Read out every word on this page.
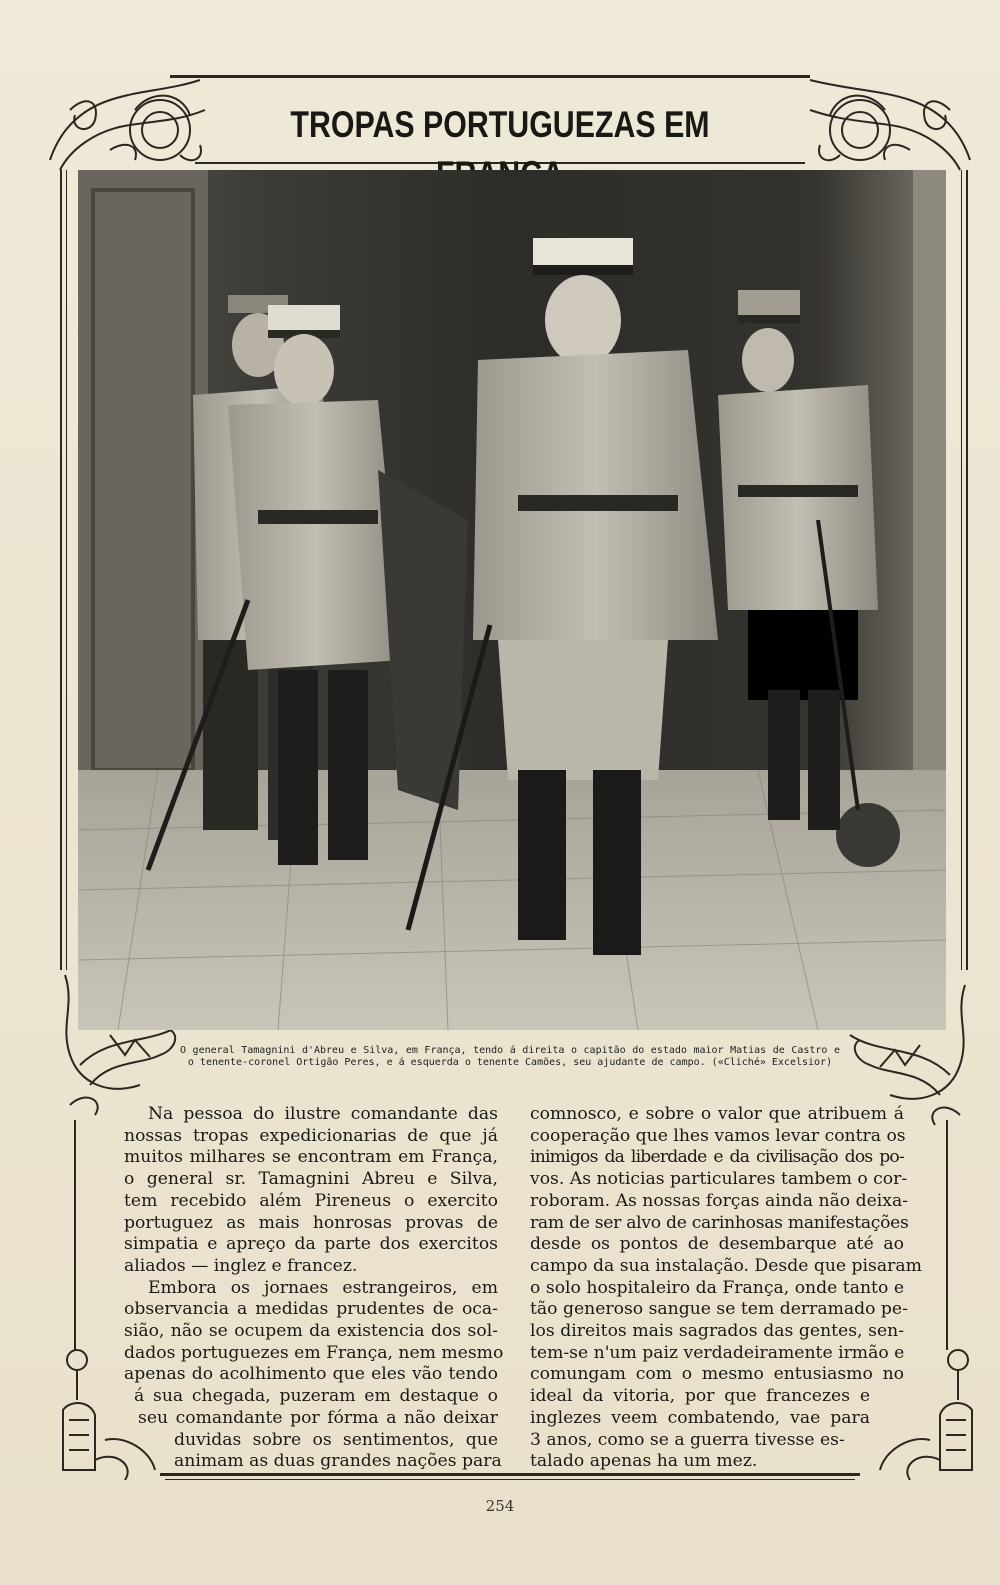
TROPAS PORTUGUEZAS EM
O general Tamagnini d'Abreu e Silva, em França, tendo á direita o capitão do estado maior Matias de Castro e o tenente-coronel Ortigão Peres, e á esquerda o tenente Camões, seu ajudante de campo. («Cliché» Excelsior)
Na pessoa do ilustre comandante das
nossas tropas expedicionarias de que já
muitos milhares se encontram em França,
o general sr. Tamagnini Abreu e Silva,
tem recebido além Pireneus o exercito
portuguez as mais honrosas provas de
simpatia e apreço da parte dos exercitos
aliados — inglez e francez.
Embora os jornaes estrangeiros, em
observancia a medidas prudentes de oca-
sião, não se ocupem da existencia dos sol-
dados portuguezes em França, nem mesmo
apenas do acolhimento que eles vão tendo
á sua chegada, puzeram em destaque o
seu comandante por fórma a não deixar
duvidas sobre os sentimentos, que
animam as duas grandes nações para
comnosco, e sobre o valor que atribuem á
cooperação que lhes vamos levar contra os
inimigos da liberdade e da civilisação dos po-
vos. As noticias particulares tambem o cor-
roboram. As nossas forças ainda não deixa-
ram de ser alvo de carinhosas manifestações
desde os pontos de desembarque até ao
campo da sua instalação. Desde que pisaram
o solo hospitaleiro da França, onde tanto e
tão generoso sangue se tem derramado pe-
los direitos mais sagrados das gentes, sen-
tem-se n'um paiz verdadeiramente irmão e
comungam com o mesmo entusiasmo no
ideal da vitoria, por que francezes e
inglezes veem combatendo, vae para
3 anos, como se a guerra tivesse es-
talado apenas ha um mez.
254
